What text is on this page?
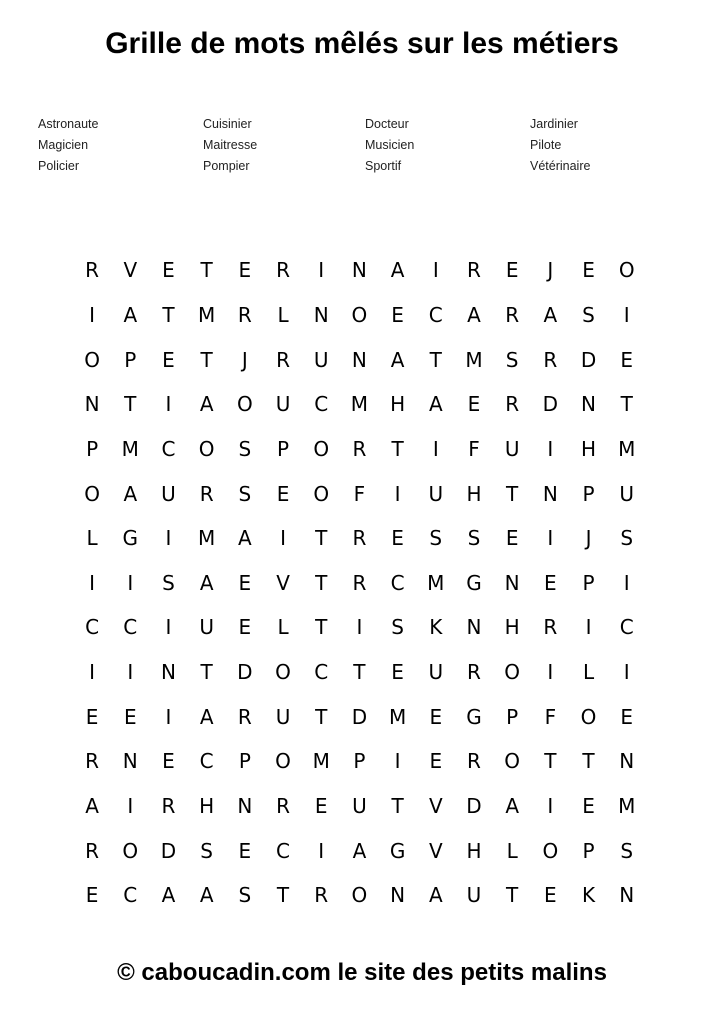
Grille de mots mêlés sur les métiers
Astronaute
Magicien
Policier
Cuisinier
Maitresse
Pompier
Docteur
Musicien
Sportif
Jardinier
Pilote
Vétérinaire
R	V	E	T	E	R	I	N	A	I	R	E	J	E	O
I	A	T	M	R	L	N	O	E	C	A	R	A	S	I
O	P	E	T	J	R	U	N	A	T	M	S	R	D	E
N	T	I	A	O	U	C	M	H	A	E	R	D	N	T
P	M	C	O	S	P	O	R	T	I	F	U	I	H	M
O	A	U	R	S	E	O	F	I	U	H	T	N	P	U
L	G	I	M	A	I	T	R	E	S	S	E	I	J	S
I	I	S	A	E	V	T	R	C	M	G	N	E	P	I
C	C	I	U	E	L	T	I	S	K	N	H	R	I	C
I	I	N	T	D	O	C	T	E	U	R	O	I	L	I
E	E	I	A	R	U	T	D	M	E	G	P	F	O	E
R	N	E	C	P	O	M	P	I	E	R	O	T	T	N
A	I	R	H	N	R	E	U	T	V	D	A	I	E	M
R	O	D	S	E	C	I	A	G	V	H	L	O	P	S
E	C	A	A	S	T	R	O	N	A	U	T	E	K	N

© caboucadin.com le site des petits malins
